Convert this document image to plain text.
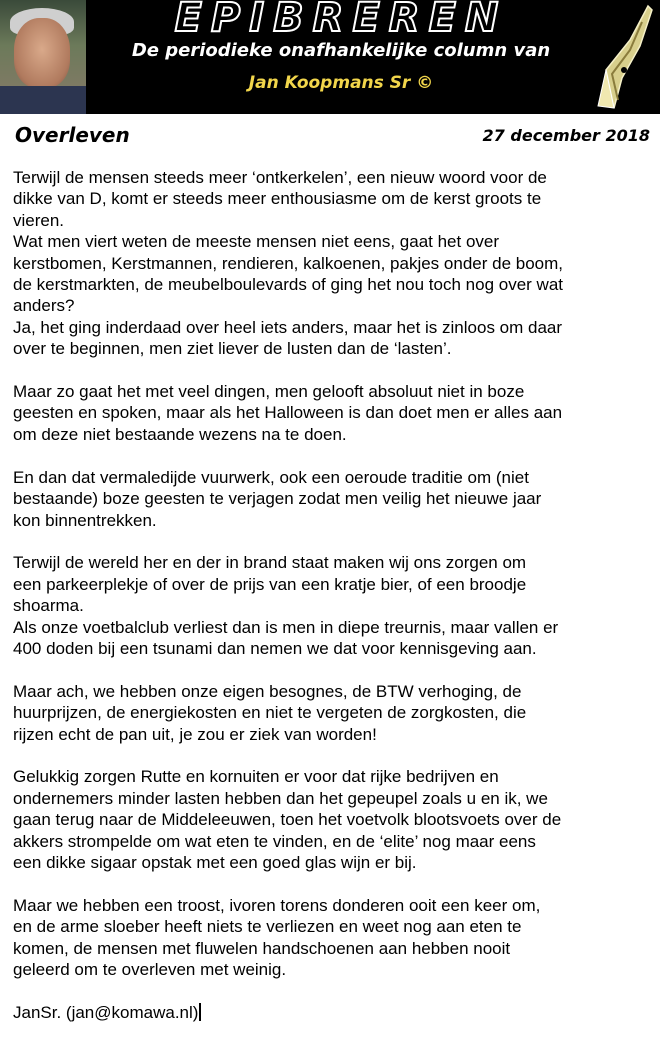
EPIBREREN
De periodieke onafhankelijke column van
Jan Koopmans Sr ©
Overleven	27 december 2018
Terwijl de mensen steeds meer ‘ontkerkelen’, een nieuw woord voor de
dikke van D, komt er steeds meer enthousiasme om de kerst groots te
vieren.
Wat men viert weten de meeste mensen niet eens, gaat het over
kerstbomen, Kerstmannen, rendieren, kalkoenen, pakjes onder de boom,
de kerstmarkten, de meubelboulevards of ging het nou toch nog over wat
anders?
Ja, het ging inderdaad over heel iets anders, maar het is zinloos om daar
over te beginnen, men ziet liever de lusten dan de ‘lasten’.

Maar zo gaat het met veel dingen, men gelooft absoluut niet in boze
geesten en spoken, maar als het Halloween is dan doet men er alles aan
om deze niet bestaande wezens na te doen.

En dan dat vermaledijde vuurwerk, ook een oeroude traditie om (niet
bestaande) boze geesten te verjagen zodat men veilig het nieuwe jaar
kon binnentrekken.

Terwijl de wereld her en der in brand staat maken wij ons zorgen om
een parkeerplekje of over de prijs van een kratje bier, of een broodje
shoarma.
Als onze voetbalclub verliest dan is men in diepe treurnis, maar vallen er
400 doden bij een tsunami dan nemen we dat voor kennisgeving aan.

Maar ach, we hebben onze eigen besognes, de BTW verhoging, de
huurprijzen, de energiekosten en niet te vergeten de zorgkosten, die
rijzen echt de pan uit, je zou er ziek van worden!

Gelukkig zorgen Rutte en kornuiten er voor dat rijke bedrijven en
ondernemers minder lasten hebben dan het gepeupel zoals u en ik, we
gaan terug naar de Middeleeuwen, toen het voetvolk blootsvoets over de
akkers strompelde om wat eten te vinden, en de ‘elite’ nog maar eens
een dikke sigaar opstak met een goed glas wijn er bij.

Maar we hebben een troost, ivoren torens donderen ooit een keer om,
en de arme sloeber heeft niets te verliezen en weet nog aan eten te
komen, de mensen met fluwelen handschoenen aan hebben nooit
geleerd om te overleven met weinig.

JanSr. (jan@komawa.nl)
